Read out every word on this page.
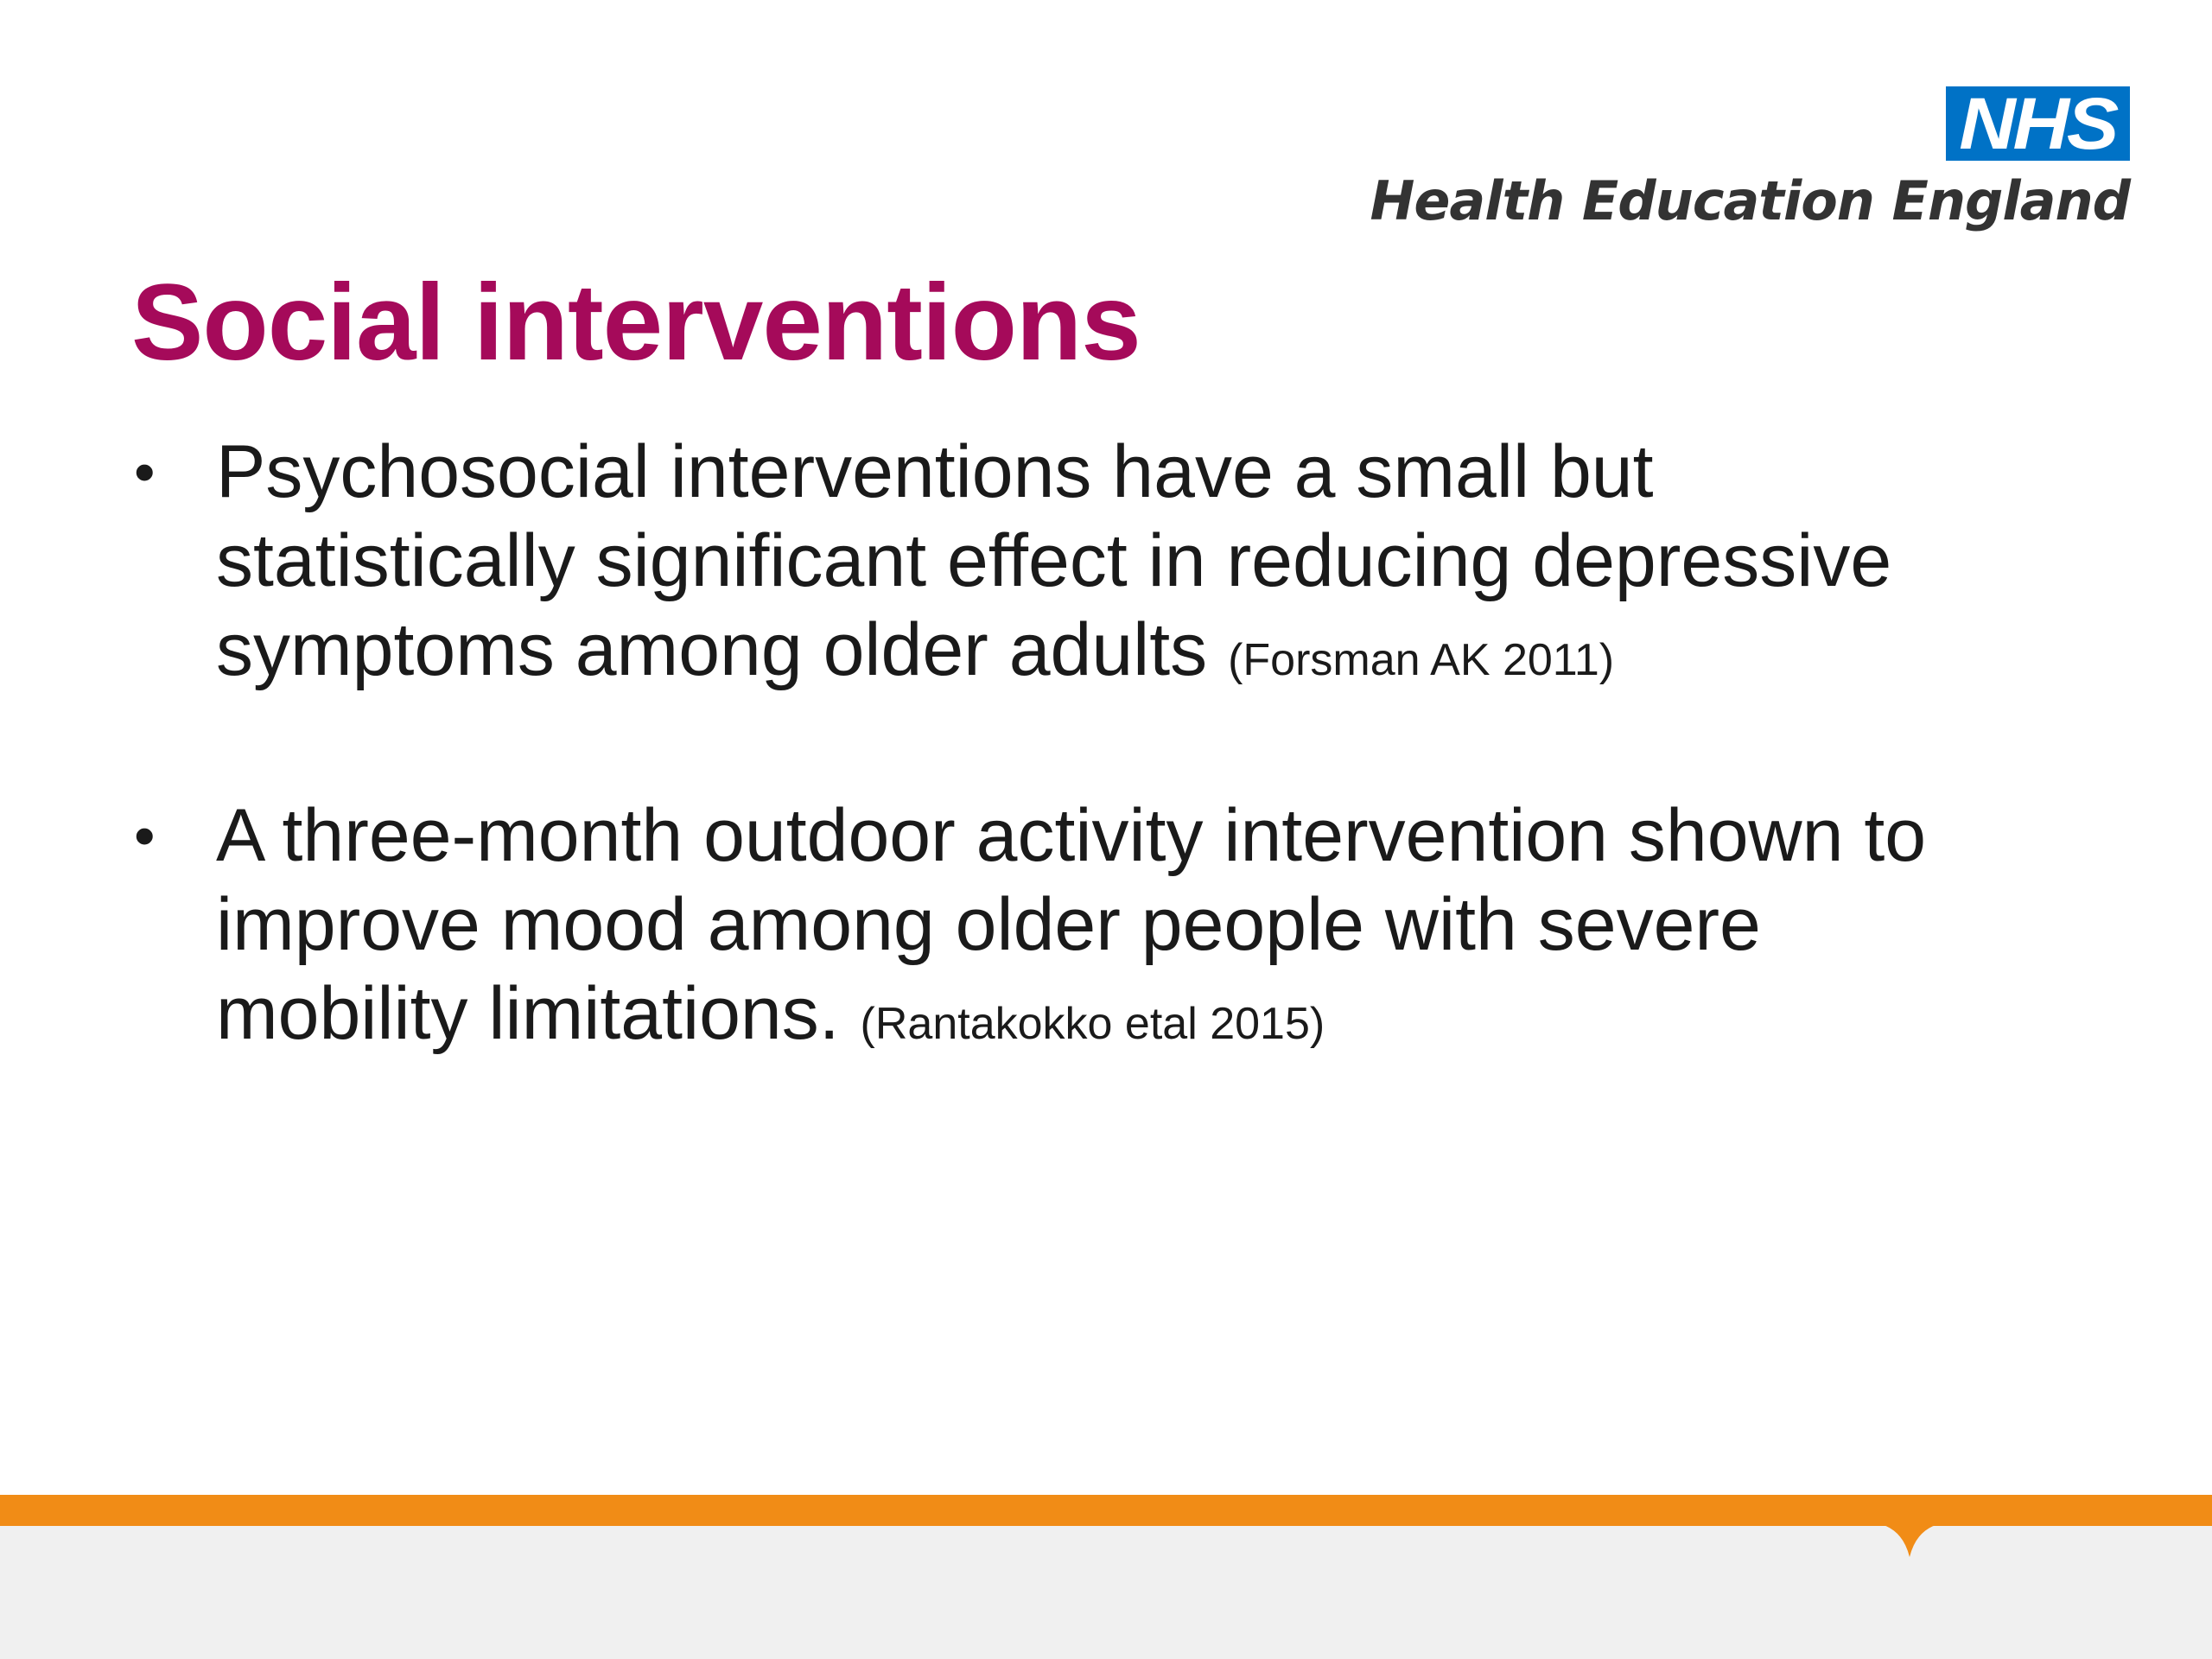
NHS
Health Education England
Social interventions
• Psychosocial interventions have a small but statistically significant effect in reducing depressive symptoms among older adults (Forsman AK 2011)
• A three-month outdoor activity intervention shown to improve mood among older people with severe mobility limitations. (Rantakokko etal 2015)
